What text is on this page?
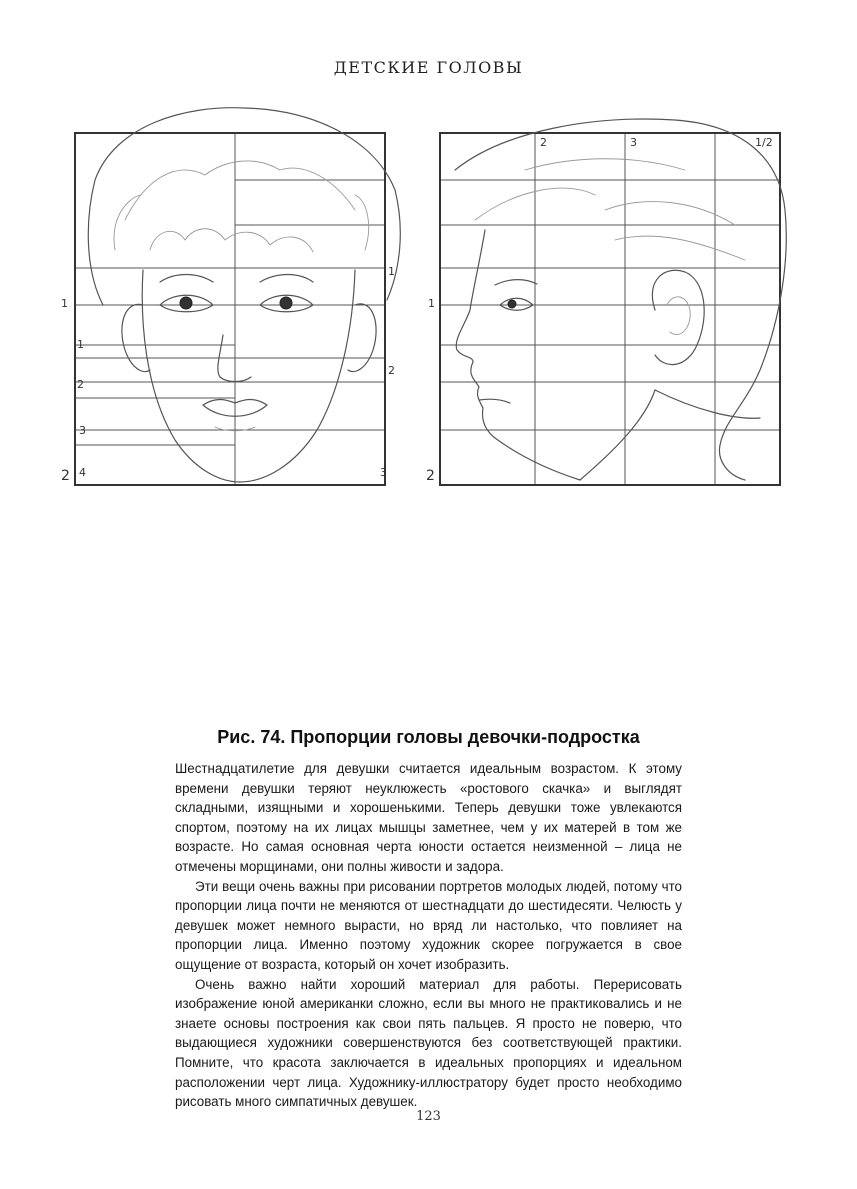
ДЕТСКИЕ ГОЛОВЫ
1
1
1
2
2
3
2 4	3
2	3	1/2
1
2
Рис. 74. Пропорции головы девочки-подростка

Шестнадцатилетие для девушки считается идеальным возрастом. К этому времени девушки теряют неуклюжесть «ростового скачка» и выглядят складными, изящными и хорошенькими. Теперь девушки тоже увлекаются спортом, поэтому на их лицах мышцы заметнее, чем у их матерей в том же возрасте. Но самая основная черта юности остается неизменной – лица не отмечены морщинами, они полны живости и задора.

Эти вещи очень важны при рисовании портретов молодых людей, потому что пропорции лица почти не меняются от шестнадцати до шестидесяти. Челюсть у девушек может немного вырасти, но вряд ли настолько, что повлияет на пропорции лица. Именно поэтому художник скорее погружается в свое ощущение от возраста, который он хочет изобразить.

Очень важно найти хороший материал для работы. Перерисовать изображение юной американки сложно, если вы много не практиковались и не знаете основы построения как свои пять пальцев. Я просто не поверю, что выдающиеся художники совершенствуются без соответствующей практики. Помните, что красота заключается в идеальных пропорциях и идеальном расположении черт лица. Художнику-иллюстратору будет просто необходимо рисовать много симпатичных девушек.

123
